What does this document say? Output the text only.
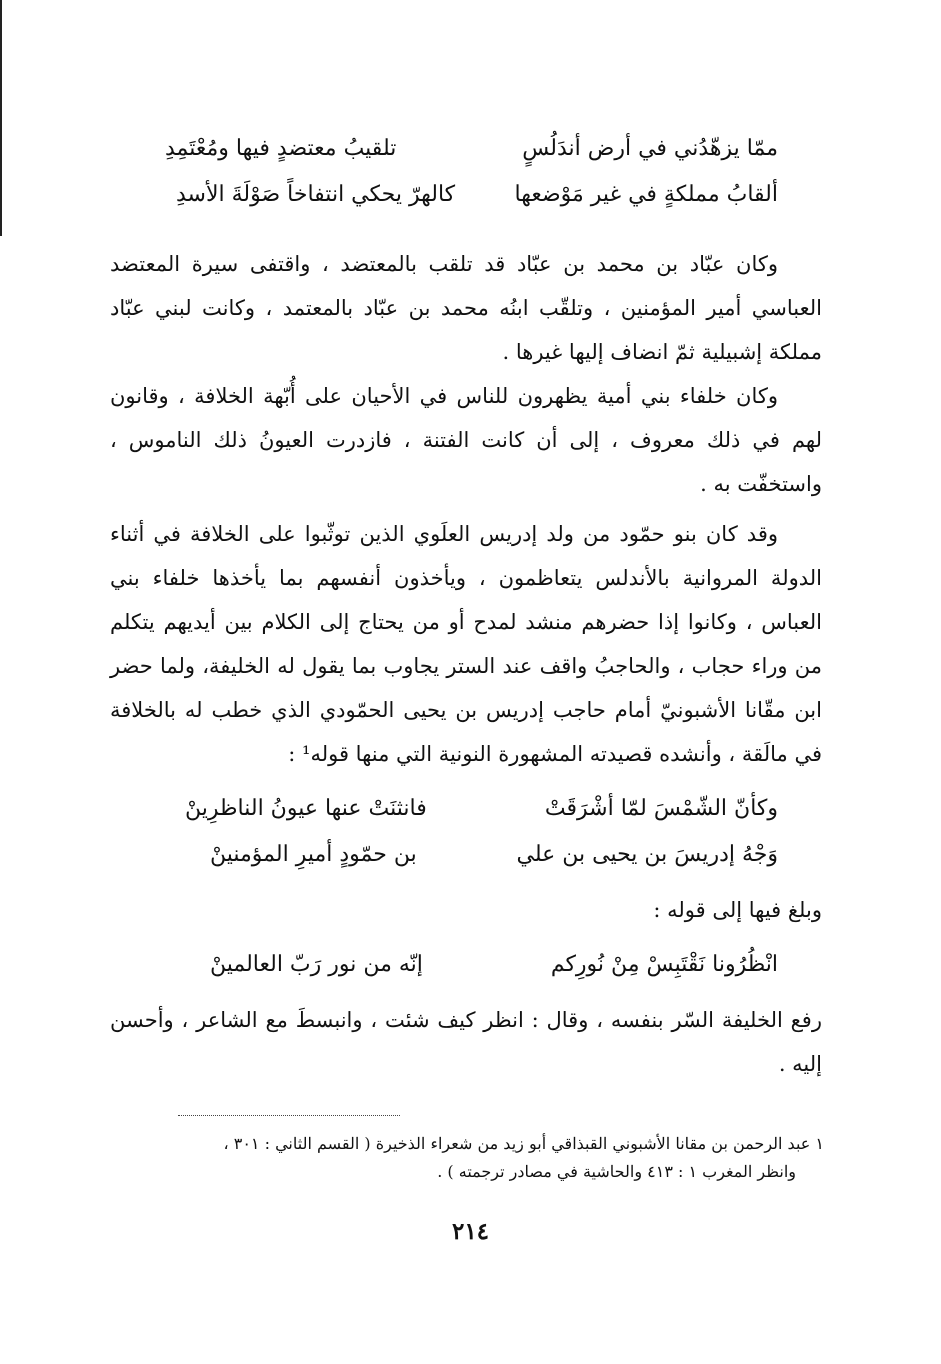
ممّا يزهّدُني في أرض أندَلُسٍ
تلقيبُ معتضدٍ فيها ومُعْتَمِدِ
ألقابُ مملكةٍ في غير مَوْضعها
كالهرّ يحكي انتفاخاً صَوْلَةَ الأسدِ

وكان عبّاد بن محمد بن عبّاد قد تلقب بالمعتضد ، واقتفى سيرة المعتضد العباسي أمير المؤمنين ، وتلقّب ابنُه محمد بن عبّاد بالمعتمد ، وكانت لبني عبّاد مملكة إشبيلية ثمّ انضاف إليها غيرها .

وكان خلفاء بني أمية يظهرون للناس في الأحيان على أُبّهة الخلافة ، وقانون لهم في ذلك معروف ، إلى أن كانت الفتنة ، فازدرت العيونُ ذلك الناموس ، واستخفّت به .

وقد كان بنو حمّود من ولد إدريس العلَوي الذين توثّبوا على الخلافة في أثناء الدولة المروانية بالأندلس يتعاظمون ، ويأخذون أنفسهم بما يأخذها خلفاء بني العباس ، وكانوا إذا حضرهم منشد لمدح أو من يحتاج إلى الكلام بين أيديهم يتكلم من وراء حجاب ، والحاجبُ واقف عند الستر يجاوب بما يقول له الخليفة، ولما حضر ابن مقّانا الأشبونيّ أمام حاجب إدريس بن يحيى الحمّودي الذي خطب له بالخلافة في مالَقة ، وأنشده قصيدته المشهورة النونية التي منها قوله¹ :

وكأنّ الشّمْسَ لمّا أشْرَقَتْ
فانثنَتْ عنها عيونُ الناظرِينْ
وَجْهُ إدريسَ بن يحيى بن علي
بن حمّودٍ أميرِ المؤمنينْ

وبلغ فيها إلى قوله :

انْظُرُونا نَقْتَبِسْ مِنْ نُورِكم
إنّه من نور رَبّ العالمينْ

رفع الخليفة السّر بنفسه ، وقال : انظر كيف شئت ، وانبسطَ مع الشاعر ، وأحسن إليه .

١ عبد الرحمن بن مقانا الأشبوني القبذاقي أبو زيد من شعراء الذخيرة ( القسم الثاني : ٣٠١ ،

وانظر المغرب ١ : ٤١٣ والحاشية في مصادر ترجمته ) .

٢١٤
